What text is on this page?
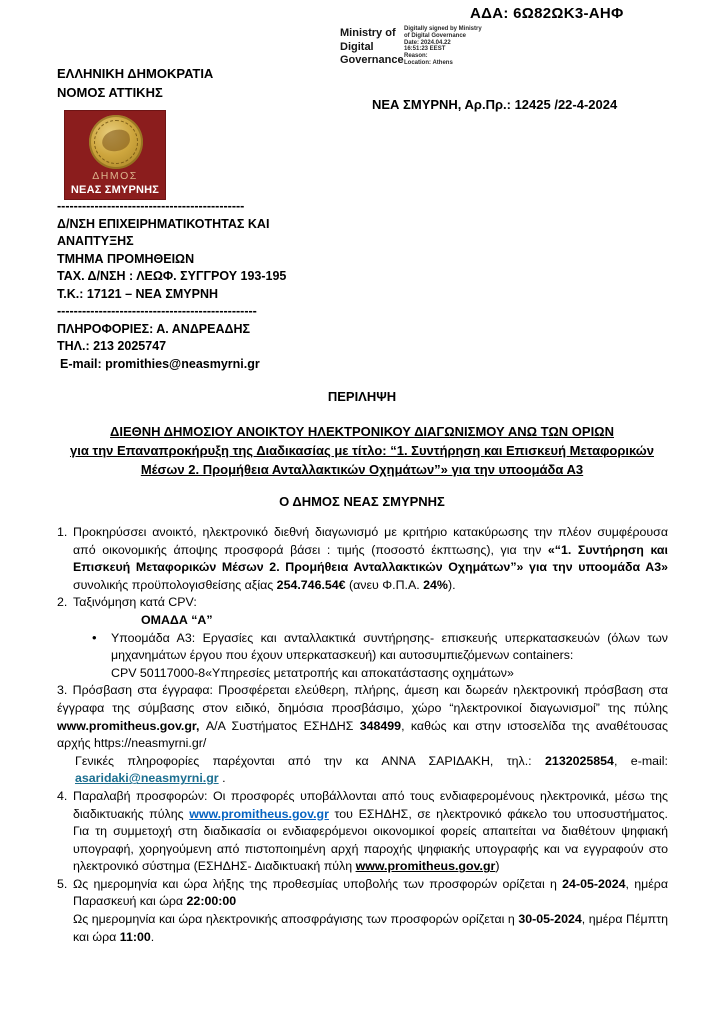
ΑΔΑ: 6Ω82ΩΚ3-ΑΗΦ
Ministry of
Digital
Governance
Digitally signed by Ministry
of Digital Governance
Date: 2024.04.22
16:51:23 EEST
Reason:
Location: Athens
ΕΛΛΗΝΙΚΗ ΔΗΜΟΚΡΑΤΙΑ
ΝΟΜΟΣ ΑΤΤΙΚΗΣ
ΝΕΑ ΣΜΥΡΝΗ, Αρ.Πρ.: 12425 /22-4-2024
ΔΗΜΟΣ
ΝΕΑΣ ΣΜΥΡΝΗΣ
---------------------------------------------
Δ/ΝΣΗ ΕΠΙΧΕΙΡΗΜΑΤΙΚΟΤΗΤΑΣ ΚΑΙ
ΑΝΑΠΤΥΞΗΣ
ΤΜΗΜΑ ΠΡΟΜΗΘΕΙΩΝ
ΤΑΧ. Δ/ΝΣΗ : ΛΕΩΦ. ΣΥΓΓΡΟΥ 193-195
Τ.Κ.: 17121 – ΝΕΑ ΣΜΥΡΝΗ
------------------------------------------------
ΠΛΗΡΟΦΟΡΙΕΣ: Α. ΑΝΔΡΕΑΔΗΣ
ΤΗΛ.: 213 2025747
E-mail: promithies@neasmyrni.gr
ΠΕΡΙΛΗΨΗ
ΔΙΕΘΝΗ ΔΗΜΟΣΙΟΥ ΑΝΟΙΚΤΟΥ ΗΛΕΚΤΡΟΝΙΚΟΥ ΔΙΑΓΩΝΙΣΜΟΥ ΑΝΩ ΤΩΝ ΟΡΙΩΝ
για την Επαναπροκήρυξη της Διαδικασίας με τίτλο: “1. Συντήρηση και Επισκευή Μεταφορικών Μέσων 2. Προμήθεια Ανταλλακτικών Οχημάτων”» για την υποομάδα Α3
Ο ΔΗΜΟΣ ΝΕΑΣ ΣΜΥΡΝΗΣ
1. Προκηρύσσει ανοικτό, ηλεκτρονικό διεθνή διαγωνισμό με κριτήριο κατακύρωσης την πλέον συμφέρουσα από οικονομικής άποψης προσφορά βάσει : τιμής (ποσοστό έκπτωσης), για την «“1. Συντήρηση και Επισκευή Μεταφορικών Μέσων 2. Προμήθεια Ανταλλακτικών Οχημάτων”» για την υποομάδα Α3» συνολικής προϋπολογισθείσης αξίας 254.746.54€ (ανευ Φ.Π.Α. 24%).
2. Ταξινόμηση κατά CPV:
ΟΜΑΔΑ “Α”
• Υποομάδα Α3: Εργασίες και ανταλλακτικά συντήρησης- επισκευής υπερκατασκευών (όλων των μηχανημάτων έργου που έχουν υπερκατασκευή) και αυτοσυμπιεζόμενων containers:
CPV 50117000-8«Υπηρεσίες μετατροπής και αποκατάστασης οχημάτων»
3. Πρόσβαση στα έγγραφα: Προσφέρεται ελεύθερη, πλήρης, άμεση και δωρεάν ηλεκτρονική πρόσβαση στα έγγραφα της σύμβασης στον ειδικό, δημόσια προσβάσιμο, χώρο “ηλεκτρονικοί διαγωνισμοί” της πύλης www.promitheus.gov.gr, Α/Α Συστήματος ΕΣΗΔΗΣ 348499, καθώς και στην ιστοσελίδα της αναθέτουσας αρχής https://neasmyrni.gr/
Γενικές πληροφορίες παρέχονται από την κα ΑΝΝΑ ΣΑΡΙΔΑΚΗ, τηλ.: 2132025854, e-mail: asaridaki@neasmyrni.gr .
4. Παραλαβή προσφορών: Οι προσφορές υποβάλλονται από τους ενδιαφερομένους ηλεκτρονικά, μέσω της διαδικτυακής πύλης www.promitheus.gov.gr του ΕΣΗΔΗΣ, σε ηλεκτρονικό φάκελο του υποσυστήματος. Για τη συμμετοχή στη διαδικασία οι ενδιαφερόμενοι οικονομικοί φορείς απαιτείται να διαθέτουν ψηφιακή υπογραφή, χορηγούμενη από πιστοποιημένη αρχή παροχής ψηφιακής υπογραφής και να εγγραφούν στο ηλεκτρονικό σύστημα (ΕΣΗΔΗΣ- Διαδικτυακή πύλη www.promitheus.gov.gr)
5. Ως ημερομηνία και ώρα λήξης της προθεσμίας υποβολής των προσφορών ορίζεται η 24-05-2024, ημέρα Παρασκευή και ώρα 22:00:00
Ως ημερομηνία και ώρα ηλεκτρονικής αποσφράγισης των προσφορών ορίζεται η 30-05-2024, ημέρα Πέμπτη και ώρα 11:00.
